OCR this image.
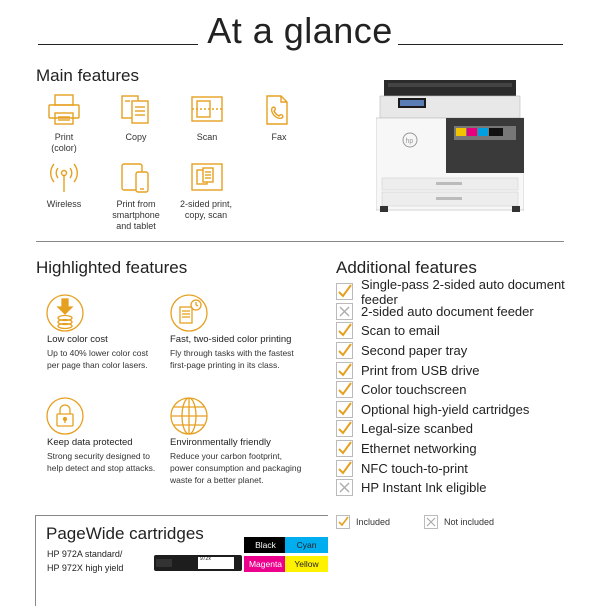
At a glance
Main features
Print
(color)
Copy	Scan	Fax
Wireless	Print from
smartphone
and tablet
2-sided print,
copy, scan
hp
Highlighted features
Low color cost
Up to 40% lower color cost
per page than color lasers.
Fast, two-sided color printing
Fly through tasks with the fastest
first-page printing in its class.
Keep data protected
Strong security designed to
help detect and stop attacks.
Environmentally friendly
Reduce your carbon footprint,
power consumption and packaging
waste for a better planet.
Additional features
Single-pass 2-sided auto document feeder
2-sided auto document feeder
Scan to email
Second paper tray
Print from USB drive
Color touchscreen
Optional high-yield cartridges
Legal-size scanbed
Ethernet networking
NFC touch-to-print
HP Instant Ink eligible
Included	Not included
PageWide cartridges
HP 972A standard/
HP 972X high yield
972x
Black	Cyan
Magenta	Yellow
